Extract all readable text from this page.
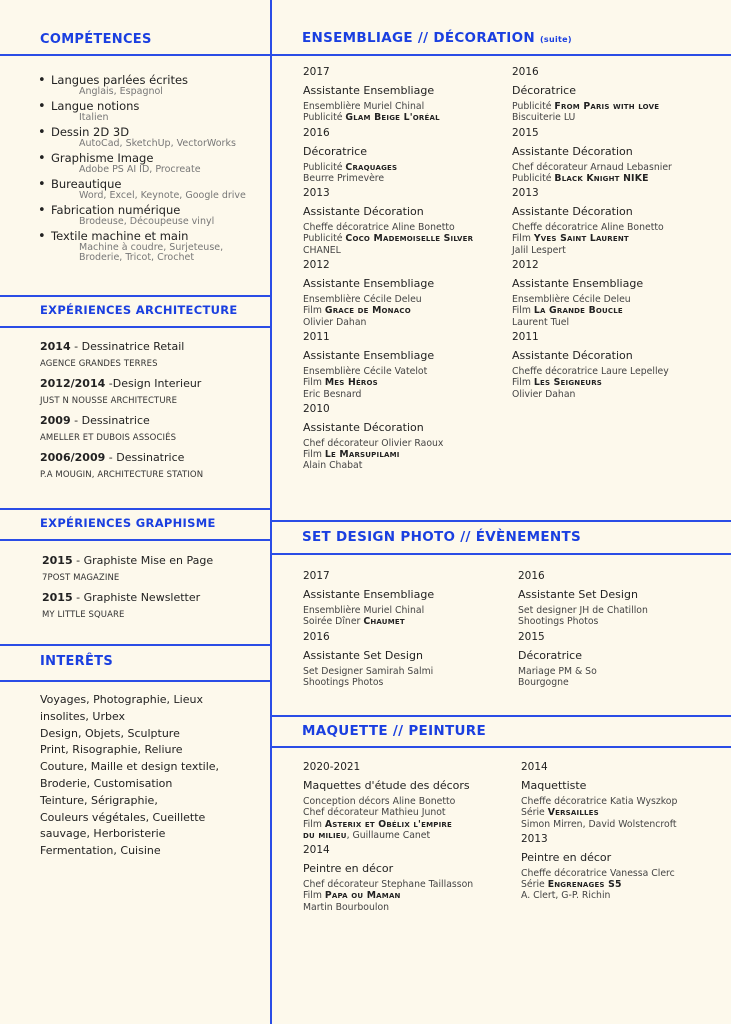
COMPÉTENCES	ENSEMBLIAGE // DÉCORATION (suite)
EXPÉRIENCES ARCHITECTURE
EXPÉRIENCES GRAPHISME
INTERÊTS
SET DESIGN PHOTO // ÉVÈNEMENTS
MAQUETTE // PEINTURE
• Langues parlées écrites
Anglais, Espagnol
• Langue notions
Italien
• Dessin 2D 3D
AutoCad, SketchUp, VectorWorks
• Graphisme Image
Adobe PS AI ID, Procreate
• Bureautique
Word, Excel, Keynote, Google drive
• Fabrication numérique
Brodeuse, Découpeuse vinyl
• Textile machine et main
Machine à coudre, Surjeteuse, Broderie, Tricot, Crochet
2014 - Dessinatrice Retail
AGENCE GRANDES TERRES
2012/2014 -Design Interieur
JUST N NOUSSE ARCHITECTURE
2009 - Dessinatrice
AMELLER ET DUBOIS ASSOCIÉS
2006/2009 - Dessinatrice
P.A MOUGIN, ARCHITECTURE STATION
2015 - Graphiste Mise en Page
7POST MAGAZINE
2015 - Graphiste Newsletter
MY LITTLE SQUARE
Voyages, Photographie, Lieux
insolites, Urbex
Design, Objets, Sculpture
Print, Risographie, Reliure
Couture, Maille et design textile,
Broderie, Customisation
Teinture, Sérigraphie,
Couleurs végétales, Cueillette
sauvage, Herboristerie
Fermentation, Cuisine
2017
Assistante Ensembliage
Ensemblière Muriel Chinal
Publicité Glam Beige L'oréal
2016
Décoratrice
Publicité Craquages
Beurre Primevère
2013
Assistante Décoration
Cheffe décoratrice Aline Bonetto
Publicité Coco Mademoiselle Silver
CHANEL
2012
Assistante Ensembliage
Ensemblière Cécile Deleu
Film Grace de Monaco
Olivier Dahan
2011
Assistante Ensembliage
Ensemblière Cécile Vatelot
Film Mes Héros
Eric Besnard
2010
Assistante Décoration
Chef décorateur Olivier Raoux
Film Le Marsupilami
Alain Chabat
2016
Décoratrice
Publicité From Paris with love
Biscuiterie LU
2015
Assistante Décoration
Chef décorateur Arnaud Lebasnier
Publicité Black Knight NIKE
2013
Assistante Décoration
Cheffe décoratrice Aline Bonetto
Film Yves Saint Laurent
Jalil Lespert
2012
Assistante Ensembliage
Ensemblière Cécile Deleu
Film La Grande Boucle
Laurent Tuel
2011
Assistante Décoration
Cheffe décoratrice Laure Lepelley
Film Les Seigneurs
Olivier Dahan
2017
Assistante Ensembliage
Ensemblière Muriel Chinal
Soirée Dîner Chaumet
2016
Assistante Set Design
Set Designer Samirah Salmi
Shootings Photos
2016
Assistante Set Design
Set designer JH de Chatillon
Shootings Photos
2015
Décoratrice
Mariage PM & So
Bourgogne
2020-2021
Maquettes d'étude des décors
Conception décors Aline Bonetto
Chef décorateur Mathieu Junot
Film Asterix et Obélix l'empire
du milieu, Guillaume Canet
2014
Peintre en décor
Chef décorateur Stephane Taillasson
Film Papa ou Maman
Martin Bourboulon
2014
Maquettiste
Cheffe décoratrice Katia Wyszkop
Série Versailles
Simon Mirren, David Wolstencroft
2013
Peintre en décor
Cheffe décoratrice Vanessa Clerc
Série Engrenages S5
A. Clert, G-P. Richin
